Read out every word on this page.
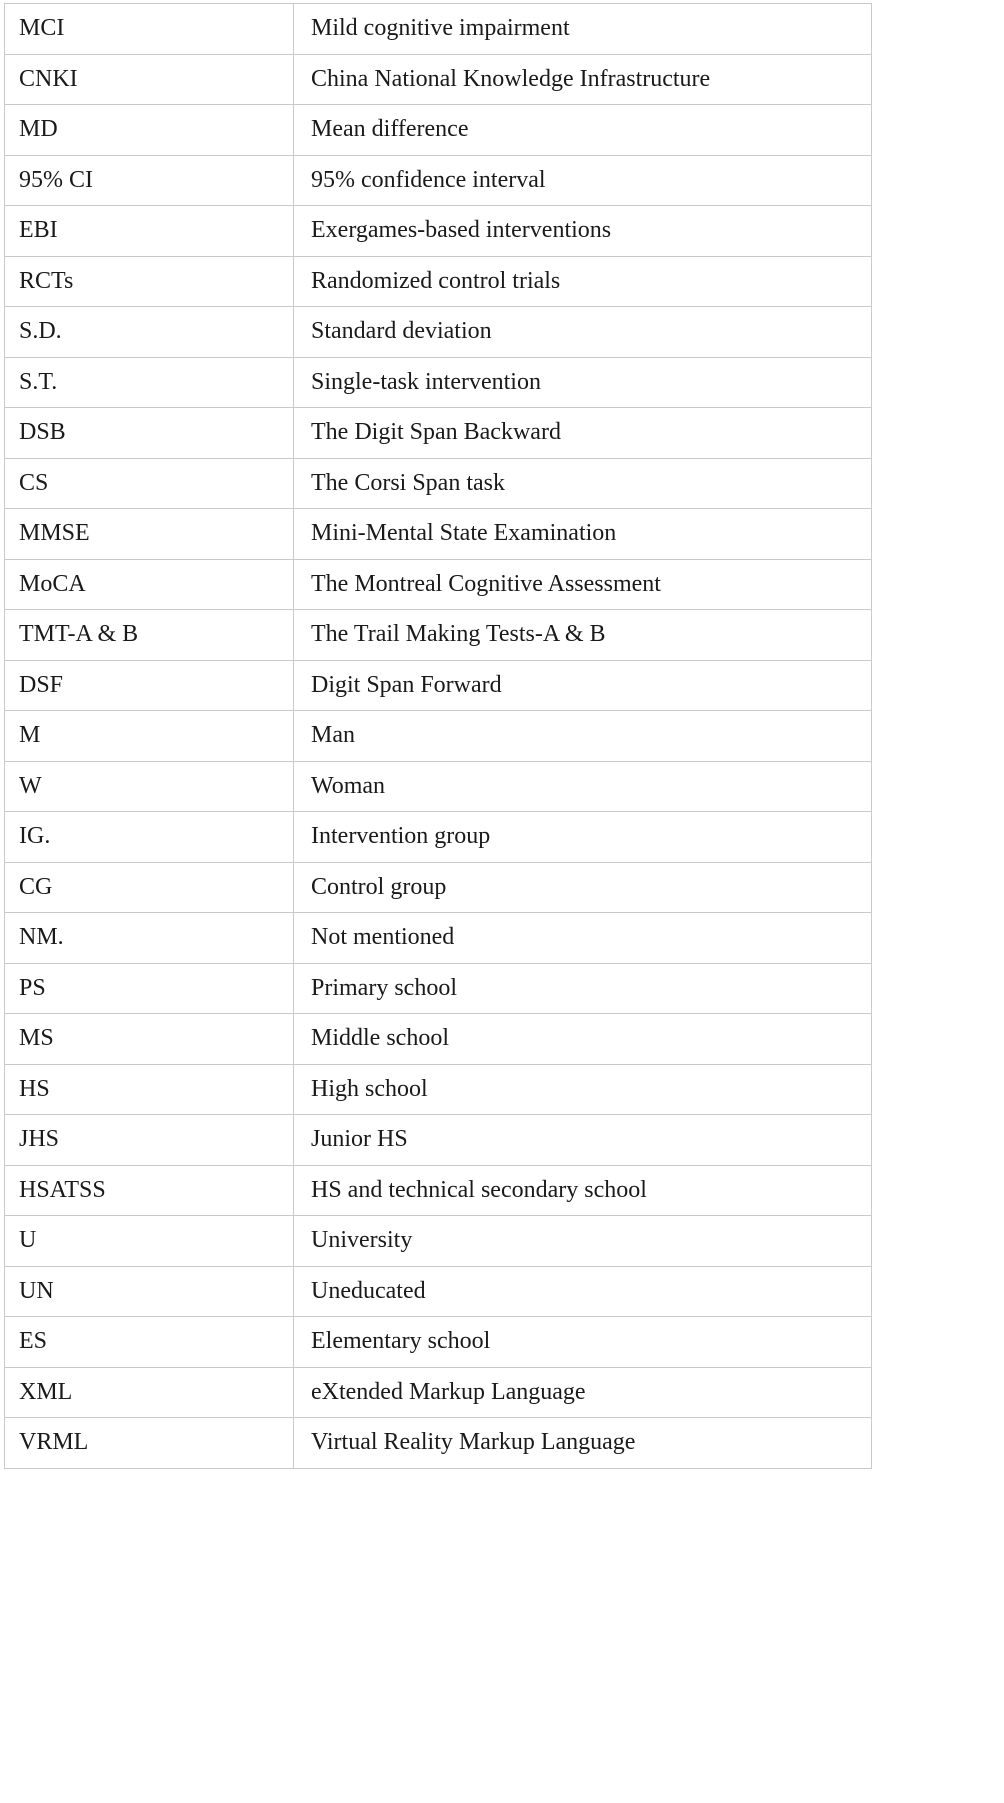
MCI	Mild cognitive impairment
CNKI	China National Knowledge Infrastructure
MD	Mean difference
95% CI	95% confidence interval
EBI	Exergames-based interventions
RCTs	Randomized control trials
S.D.	Standard deviation
S.T.	Single-task intervention
DSB	The Digit Span Backward
CS	The Corsi Span task
MMSE	Mini-Mental State Examination
MoCA	The Montreal Cognitive Assessment
TMT-A & B	The Trail Making Tests-A & B
DSF	Digit Span Forward
M	Man
W	Woman
IG.	Intervention group
CG	Control group
NM.	Not mentioned
PS	Primary school
MS	Middle school
HS	High school
JHS	Junior HS
HSATSS	HS and technical secondary school
U	University
UN	Uneducated
ES	Elementary school
XML	eXtended Markup Language
VRML	Virtual Reality Markup Language
